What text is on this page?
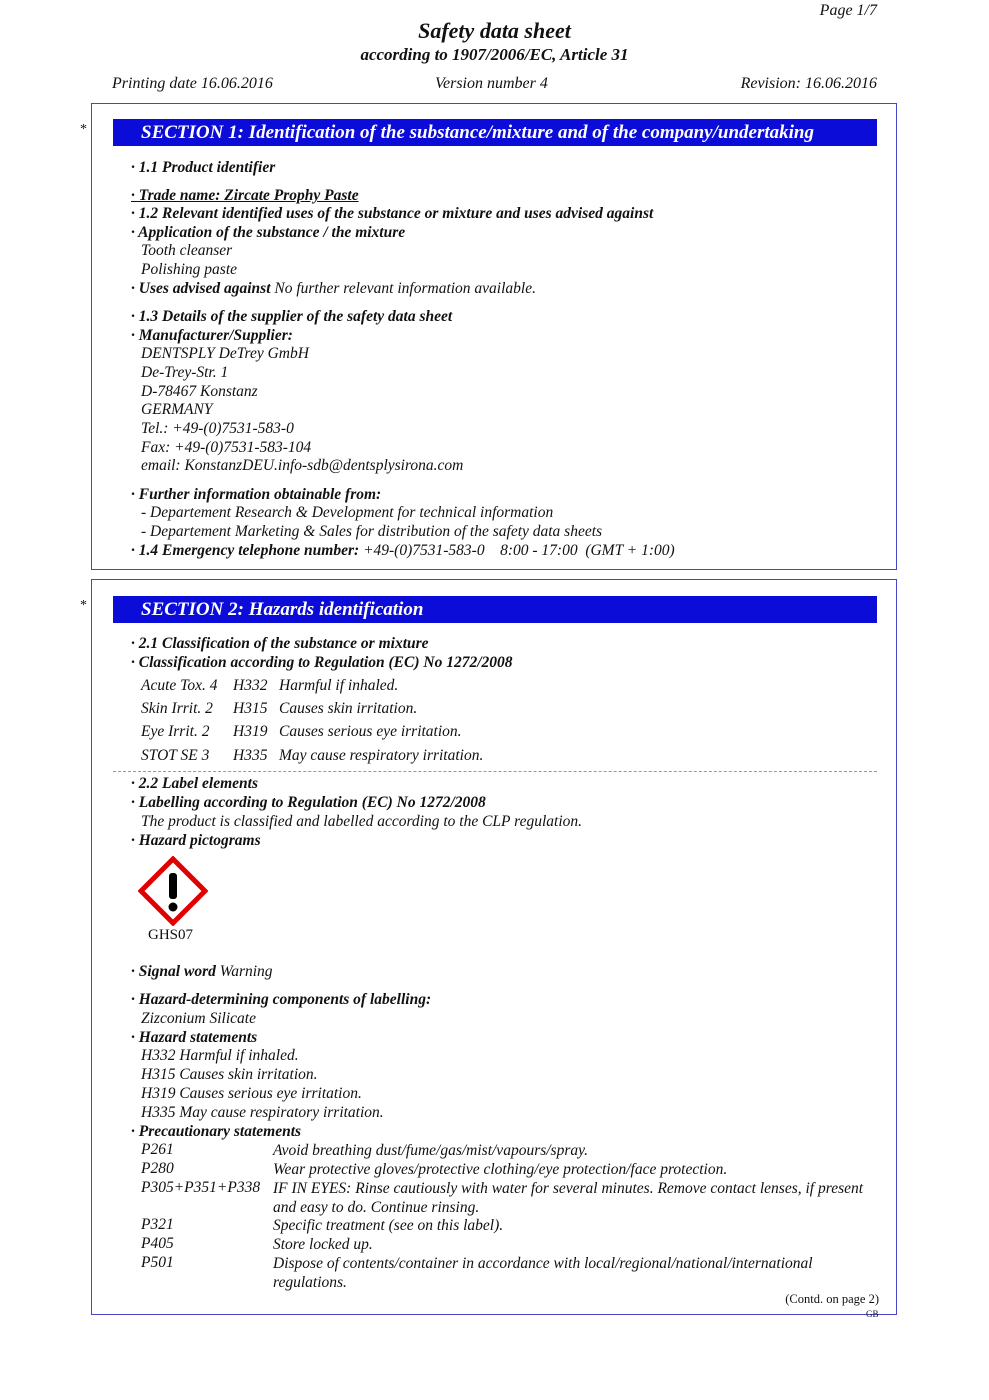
Page 1/7
Safety data sheet
according to 1907/2006/EC, Article 31
Printing date 16.06.2016	Version number 4	Revision: 16.06.2016
*	SECTION 1: Identification of the substance/mixture and of the company/undertaking
· 1.1 Product identifier
· Trade name: Zircate Prophy Paste
· 1.2 Relevant identified uses of the substance or mixture and uses advised against
· Application of the substance / the mixture
Tooth cleanser
Polishing paste
· Uses advised against No further relevant information available.
· 1.3 Details of the supplier of the safety data sheet
· Manufacturer/Supplier:
DENTSPLY DeTrey GmbH
De-Trey-Str. 1
D-78467 Konstanz
GERMANY
Tel.: +49-(0)7531-583-0
Fax: +49-(0)7531-583-104
email: KonstanzDEU.info-sdb@dentsplysirona.com
· Further information obtainable from:
- Departement Research & Development for technical information
- Departement Marketing & Sales for distribution of the safety data sheets
· 1.4 Emergency telephone number: +49-(0)7531-583-0    8:00 - 17:00  (GMT + 1:00)
*	SECTION 2: Hazards identification
· 2.1 Classification of the substance or mixture
· Classification according to Regulation (EC) No 1272/2008
Acute Tox. 4 H332 Harmful if inhaled.
Skin Irrit. 2 H315 Causes skin irritation.
Eye Irrit. 2 H319 Causes serious eye irritation.
STOT SE 3 H335 May cause respiratory irritation.
· 2.2 Label elements
· Labelling according to Regulation (EC) No 1272/2008
The product is classified and labelled according to the CLP regulation.
· Hazard pictograms
GHS07
· Signal word Warning
· Hazard-determining components of labelling:
Zizconium Silicate
· Hazard statements
H332 Harmful if inhaled.
H315 Causes skin irritation.
H319 Causes serious eye irritation.
H335 May cause respiratory irritation.
· Precautionary statements
P261	Avoid breathing dust/fume/gas/mist/vapours/spray.
P280	Wear protective gloves/protective clothing/eye protection/face protection.
P305+P351+P338 IF IN EYES: Rinse cautiously with water for several minutes. Remove contact lenses, if present and easy to do. Continue rinsing.
P321	Specific treatment (see on this label).
P405	Store locked up.
P501	Dispose of contents/container in accordance with local/regional/national/international regulations.
(Contd. on page 2)
GB
